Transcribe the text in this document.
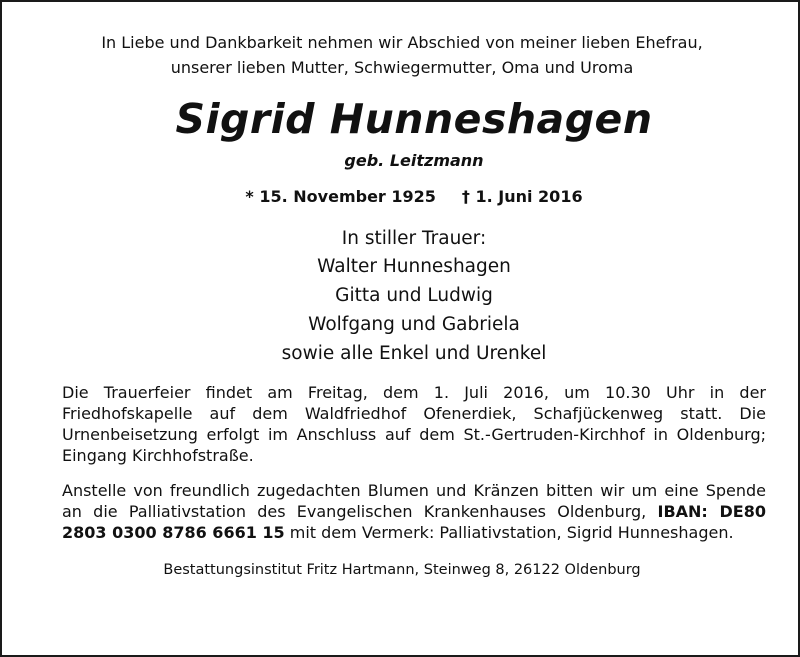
In Liebe und Dankbarkeit nehmen wir Abschied von meiner lieben Ehefrau,
unserer lieben Mutter, Schwiegermutter, Oma und Uroma
Sigrid Hunneshagen
geb. Leitzmann
* 15. November 1925 † 1. Juni 2016
In stiller Trauer:
Walter Hunneshagen
Gitta und Ludwig
Wolfgang und Gabriela
sowie alle Enkel und Urenkel

Die Trauerfeier findet am Freitag, dem 1. Juli 2016, um 10.30 Uhr in der Friedhofskapelle auf dem Waldfriedhof Ofenerdiek, Schafjückenweg statt. Die Urnenbeisetzung erfolgt im Anschluss auf dem St.-Gertruden-Kirchhof in Oldenburg; Eingang Kirchhofstraße.

Anstelle von freundlich zugedachten Blumen und Kränzen bitten wir um eine Spende an die Palliativstation des Evangelischen Krankenhauses Oldenburg, IBAN: DE80 2803 0300 8786 6661 15 mit dem Vermerk: Palliativstation, Sigrid Hunneshagen.

Bestattungsinstitut Fritz Hartmann, Steinweg 8, 26122 Oldenburg
